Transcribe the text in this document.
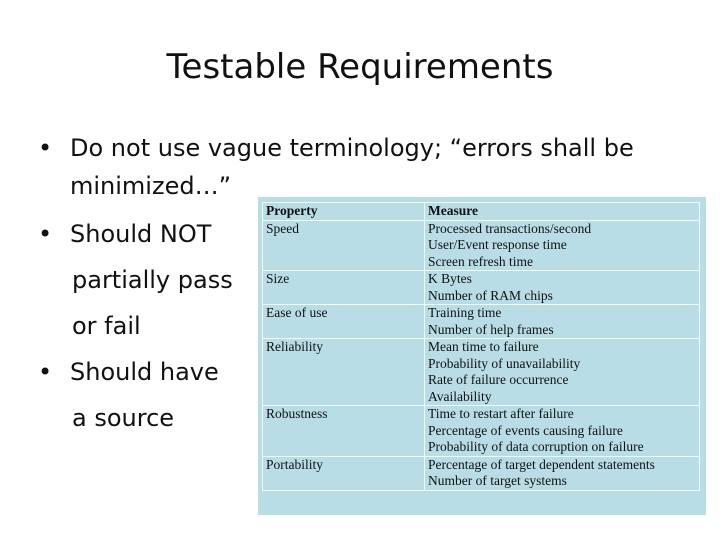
Testable Requirements
• Do not use vague terminology; “errors shall be
minimized…”
• Should NOT
partially pass
or fail
• Should have
a source
Property	Measure
Speed	Processed transactions/second
User/Event response time
Screen refresh time

Size	K Bytes
Number of RAM chips

Ease of use	Training time
Number of help frames

Reliability	Mean time to failure
Probability of unavailability
Rate of failure occurrence
Availability

Robustness	Time to restart after failure
Percentage of events causing failure
Probability of data corruption on failure

Portability	Percentage of target dependent statements
Number of target systems
